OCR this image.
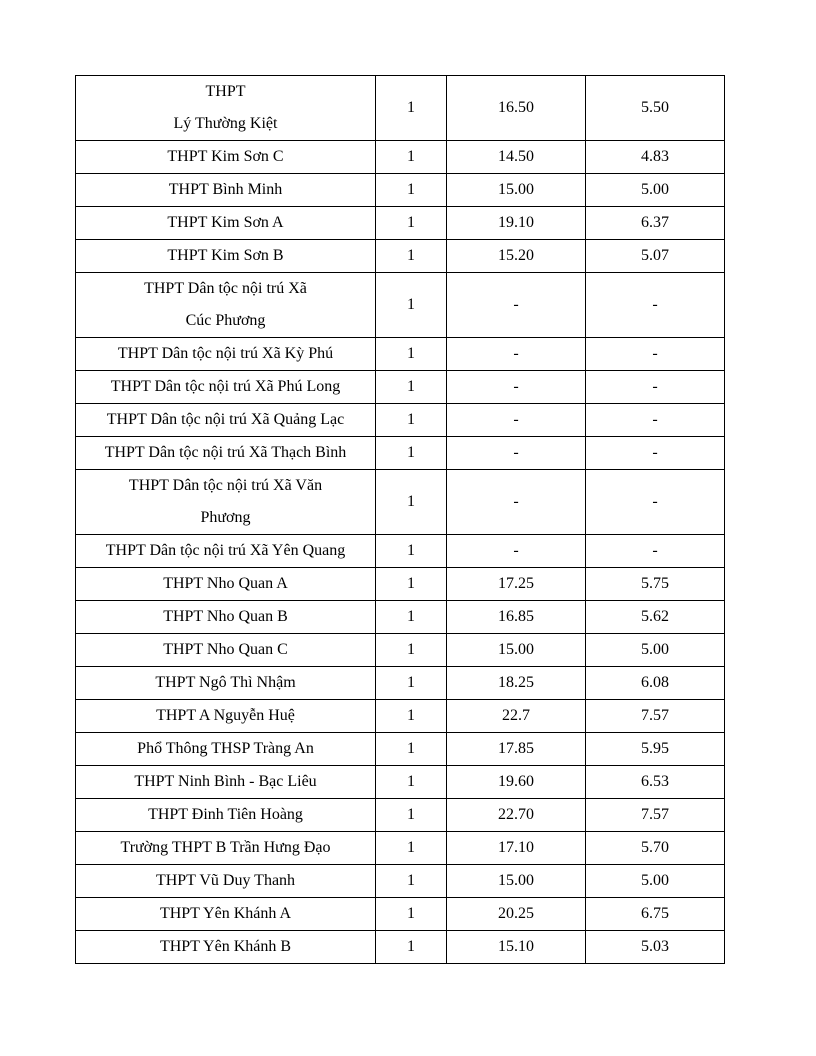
THPT
Lý Thường Kiệt	1	16.50	5.50

THPT Kim Sơn C	1	14.50	4.83

THPT Bình Minh	1	15.00	5.00

THPT Kim Sơn A	1	19.10	6.37

THPT Kim Sơn B	1	15.20	5.07

THPT Dân tộc nội trú Xã
Cúc Phương	1	-	-

THPT Dân tộc nội trú Xã Kỳ Phú	1	-	-

THPT Dân tộc nội trú Xã Phú Long	1	-	-

THPT Dân tộc nội trú Xã Quảng Lạc	1	-	-

THPT Dân tộc nội trú Xã Thạch Bình	1	-	-

THPT Dân tộc nội trú Xã Văn
Phương	1	-	-

THPT Dân tộc nội trú Xã Yên Quang	1	-	-

THPT Nho Quan A	1	17.25	5.75

THPT Nho Quan B	1	16.85	5.62

THPT Nho Quan C	1	15.00	5.00

THPT Ngô Thì Nhậm	1	18.25	6.08

THPT A Nguyễn Huệ	1	22.7	7.57

Phổ Thông THSP Tràng An	1	17.85	5.95

THPT Ninh Bình - Bạc Liêu	1	19.60	6.53

THPT Đinh Tiên Hoàng	1	22.70	7.57

Trường THPT B Trần Hưng Đạo	1	17.10	5.70

THPT Vũ Duy Thanh	1	15.00	5.00

THPT Yên Khánh A	1	20.25	6.75

THPT Yên Khánh B	1	15.10	5.03
